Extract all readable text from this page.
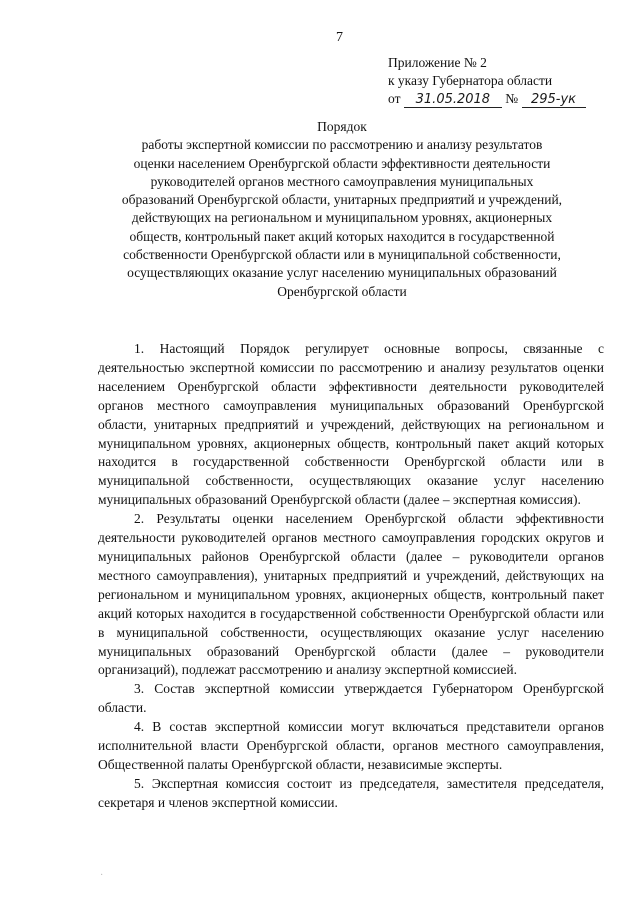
7
Приложение № 2
к указу Губернатора области
от 31.05.2018 № 295-ук
Порядок
работы экспертной комиссии по рассмотрению и анализу результатов
оценки населением Оренбургской области эффективности деятельности
руководителей органов местного самоуправления муниципальных
образований Оренбургской области, унитарных предприятий и учреждений,
действующих на региональном и муниципальном уровнях, акционерных
обществ, контрольный пакет акций которых находится в государственной
собственности Оренбургской области или в муниципальной собственности,
осуществляющих оказание услуг населению муниципальных образований
Оренбургской области

1. Настоящий Порядок регулирует основные вопросы, связанные с деятельностью экспертной комиссии по рассмотрению и анализу результатов оценки населением Оренбургской области эффективности деятельности руководителей органов местного самоуправления муниципальных образований Оренбургской области, унитарных предприятий и учреждений, действующих на региональном и муниципальном уровнях, акционерных обществ, контрольный пакет акций которых находится в государственной собственности Оренбургской области или в муниципальной собственности, осуществляющих оказание услуг населению муниципальных образований Оренбургской области (далее – экспертная комиссия).

2. Результаты оценки населением Оренбургской области эффективности деятельности руководителей органов местного самоуправления городских округов и муниципальных районов Оренбургской области (далее – руководители органов местного самоуправления), унитарных предприятий и учреждений, действующих на региональном и муниципальном уровнях, акционерных обществ, контрольный пакет акций которых находится в государственной собственности Оренбургской области или в муниципальной собственности, осуществляющих оказание услуг населению муниципальных образований Оренбургской области (далее – руководители организаций), подлежат рассмотрению и анализу экспертной комиссией.

3. Состав экспертной комиссии утверждается Губернатором Оренбургской области.

4. В состав экспертной комиссии могут включаться представители органов исполнительной власти Оренбургской области, органов местного самоуправления, Общественной палаты Оренбургской области, независимые эксперты.

5. Экспертная комиссия состоит из председателя, заместителя председателя, секретаря и членов экспертной комиссии.

·
